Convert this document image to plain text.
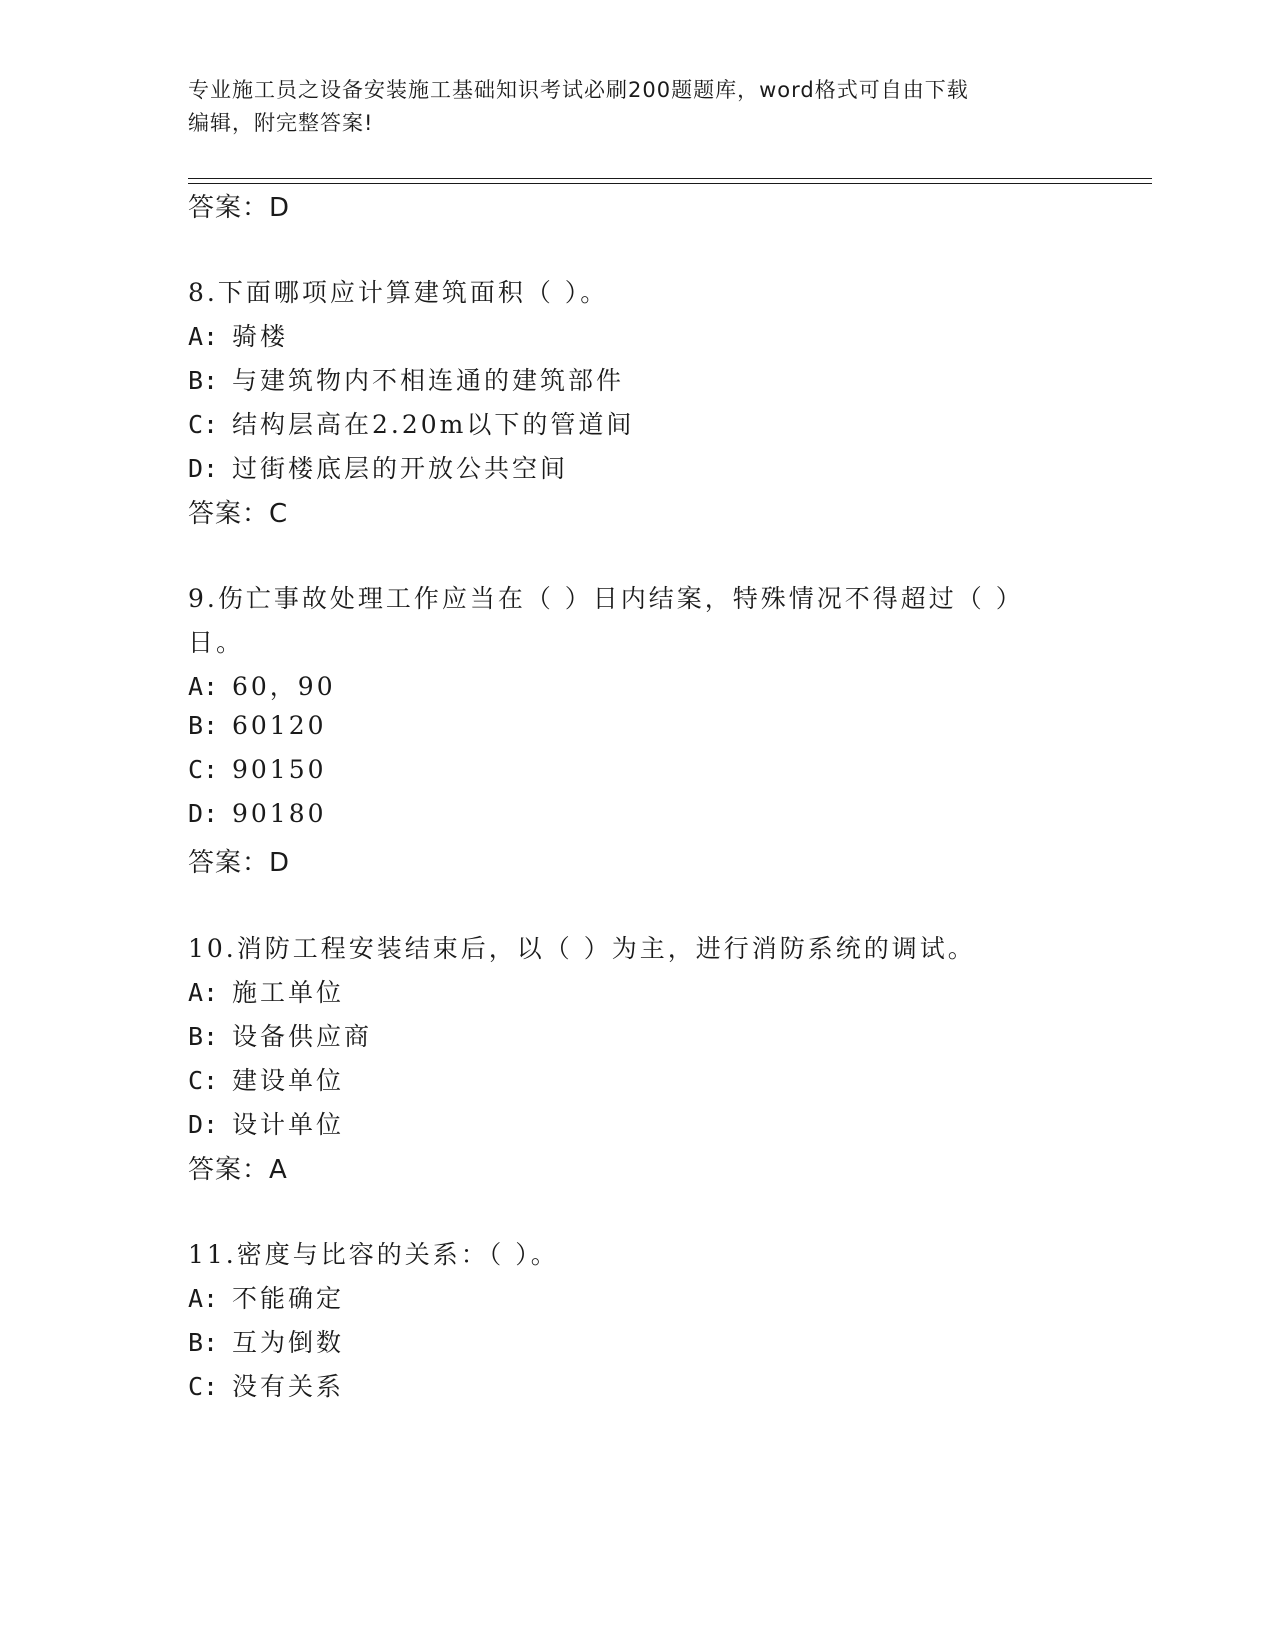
专业施工员之设备安装施工基础知识考试必刷200题题库，word格式可自由下载
编辑，附完整答案!
答案：D
8.下面哪项应计算建筑面积（ ）。
A: 骑楼
B: 与建筑物内不相连通的建筑部件
C: 结构层高在2.20m以下的管道间
D: 过街楼底层的开放公共空间
答案：C
9.伤亡事故处理工作应当在（ ）日内结案，特殊情况不得超过（ ）
日。
A: 60，90
B: 60120
C: 90150
D: 90180
答案：D
10.消防工程安装结束后，以（ ）为主，进行消防系统的调试。
A: 施工单位
B: 设备供应商
C: 建设单位
D: 设计单位
答案：A
11.密度与比容的关系：（ ）。
A: 不能确定
B: 互为倒数
C: 没有关系
